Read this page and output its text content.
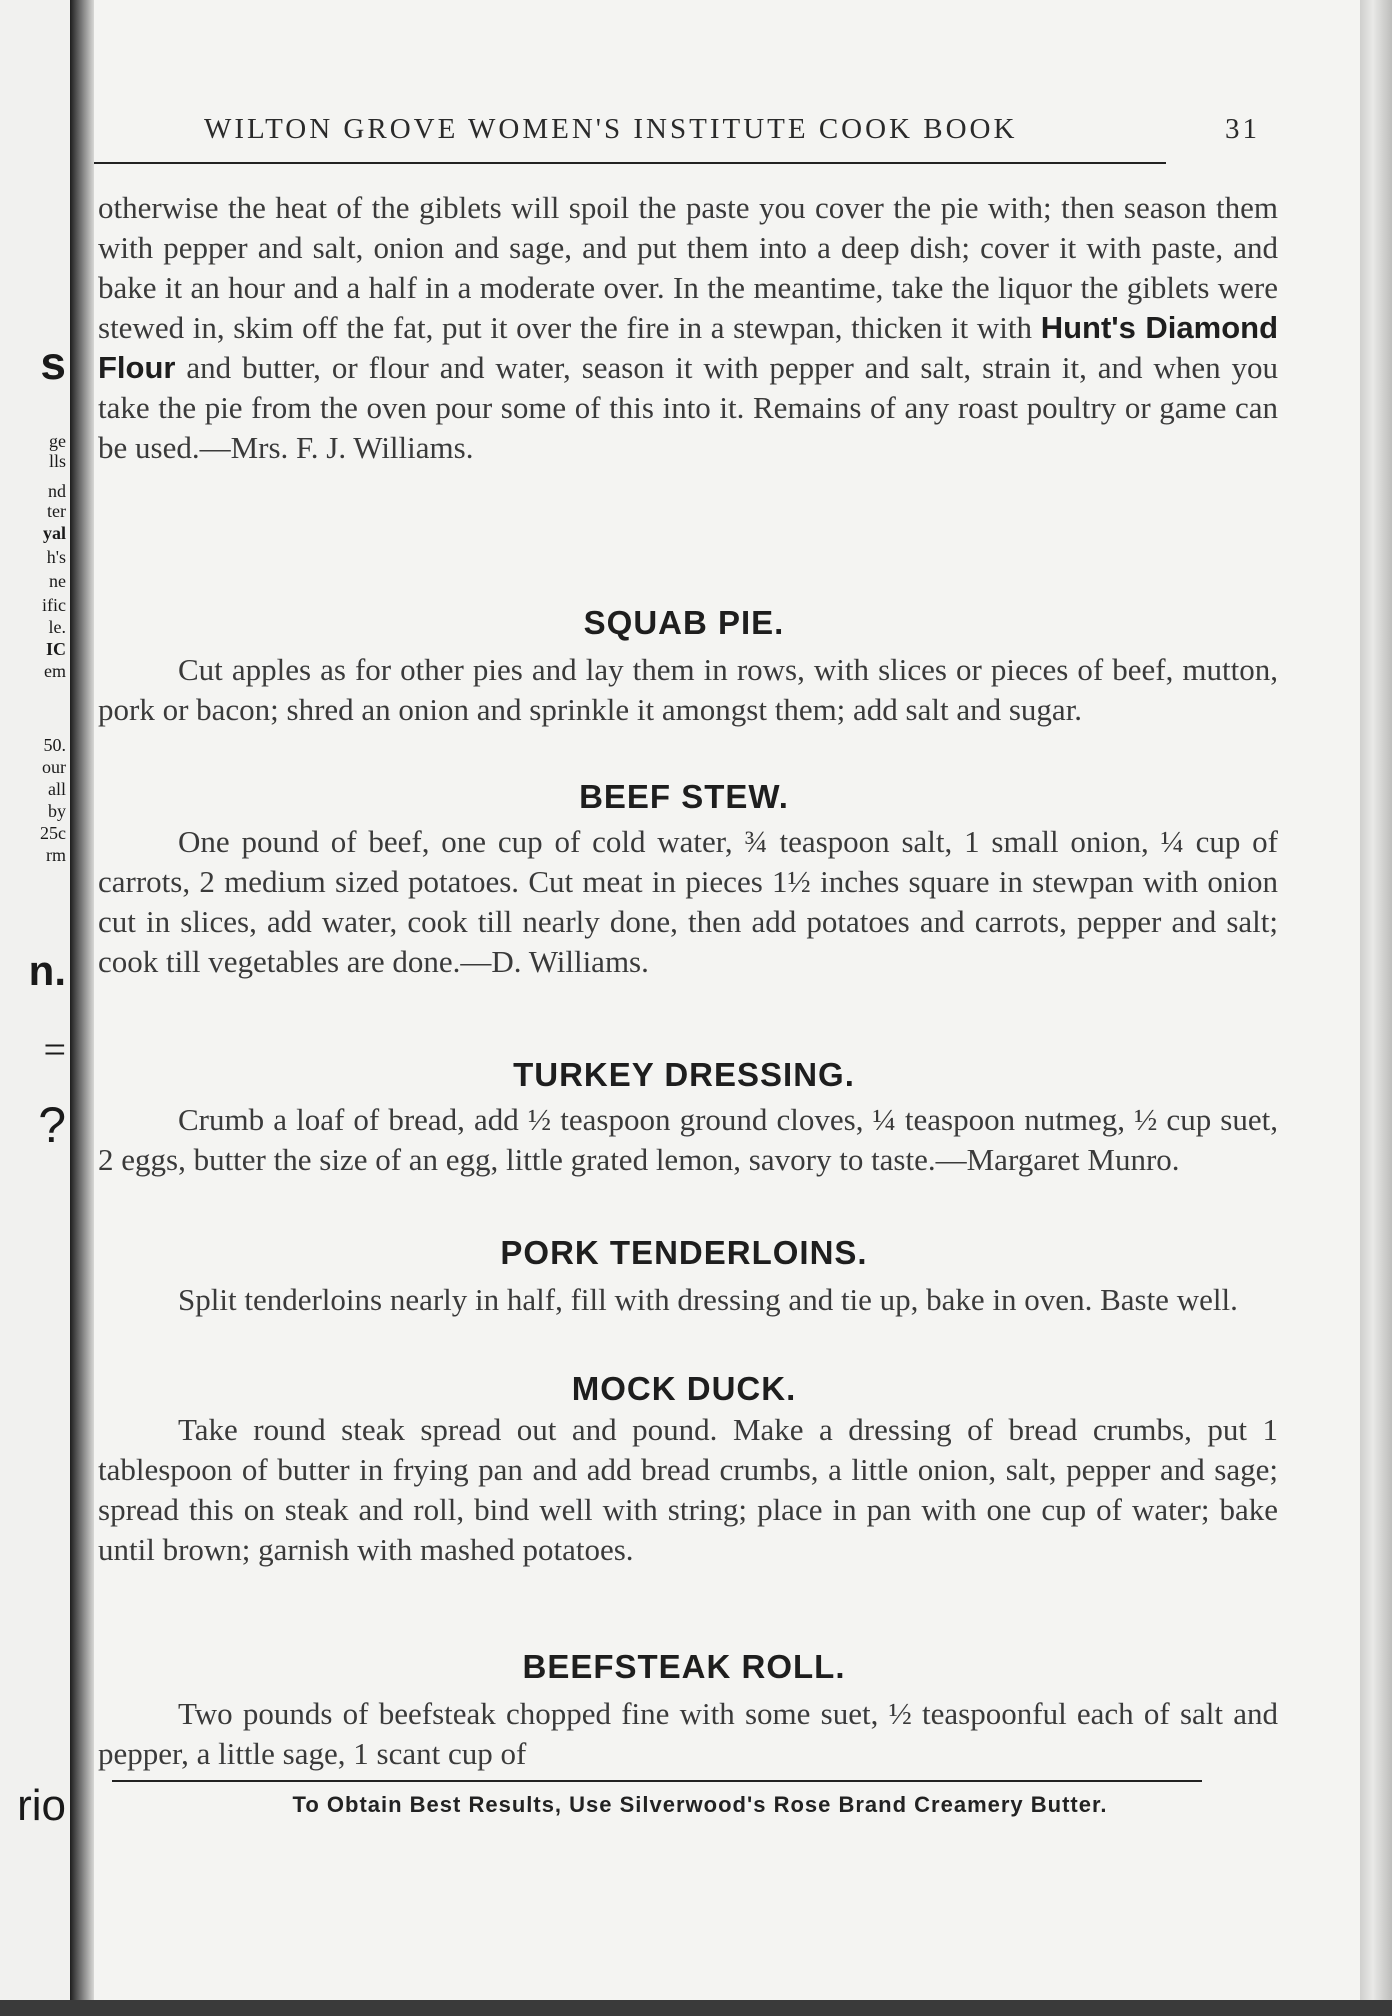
s
ge
lls
nd
ter
yal
h's
ne
ific
le.
IC
em
50.
our
all
by
25c
rm
n.
=
?
rio
WILTON GROVE WOMEN'S INSTITUTE COOK BOOK	31

otherwise the heat of the giblets will spoil the paste you cover the pie with; then season them with pepper and salt, onion and sage, and put them into a deep dish; cover it with paste, and bake it an hour and a half in a moderate over. In the meantime, take the liquor the giblets were stewed in, skim off the fat, put it over the fire in a stewpan, thicken it with Hunt's Diamond Flour and butter, or flour and water, season it with pepper and salt, strain it, and when you take the pie from the oven pour some of this into it. Remains of any roast poultry or game can be used.—Mrs. F. J. Williams.

SQUAB PIE.

Cut apples as for other pies and lay them in rows, with slices or pieces of beef, mutton, pork or bacon; shred an onion and sprinkle it amongst them; add salt and sugar.

BEEF STEW.

One pound of beef, one cup of cold water, ¾ teaspoon salt, 1 small onion, ¼ cup of carrots, 2 medium sized potatoes. Cut meat in pieces 1½ inches square in stewpan with onion cut in slices, add water, cook till nearly done, then add potatoes and carrots, pepper and salt; cook till vegetables are done.—D. Williams.

TURKEY DRESSING.

Crumb a loaf of bread, add ½ teaspoon ground cloves, ¼ teaspoon nutmeg, ½ cup suet, 2 eggs, butter the size of an egg, little grated lemon, savory to taste.—Margaret Munro.

PORK TENDERLOINS.

Split tenderloins nearly in half, fill with dressing and tie up, bake in oven. Baste well.

MOCK DUCK.

Take round steak spread out and pound. Make a dressing of bread crumbs, put 1 tablespoon of butter in frying pan and add bread crumbs, a little onion, salt, pepper and sage; spread this on steak and roll, bind well with string; place in pan with one cup of water; bake until brown; garnish with mashed potatoes.

BEEFSTEAK ROLL.

Two pounds of beefsteak chopped fine with some suet, ½ teaspoonful each of salt and pepper, a little sage, 1 scant cup of

To Obtain Best Results, Use Silverwood's Rose Brand Creamery Butter.
